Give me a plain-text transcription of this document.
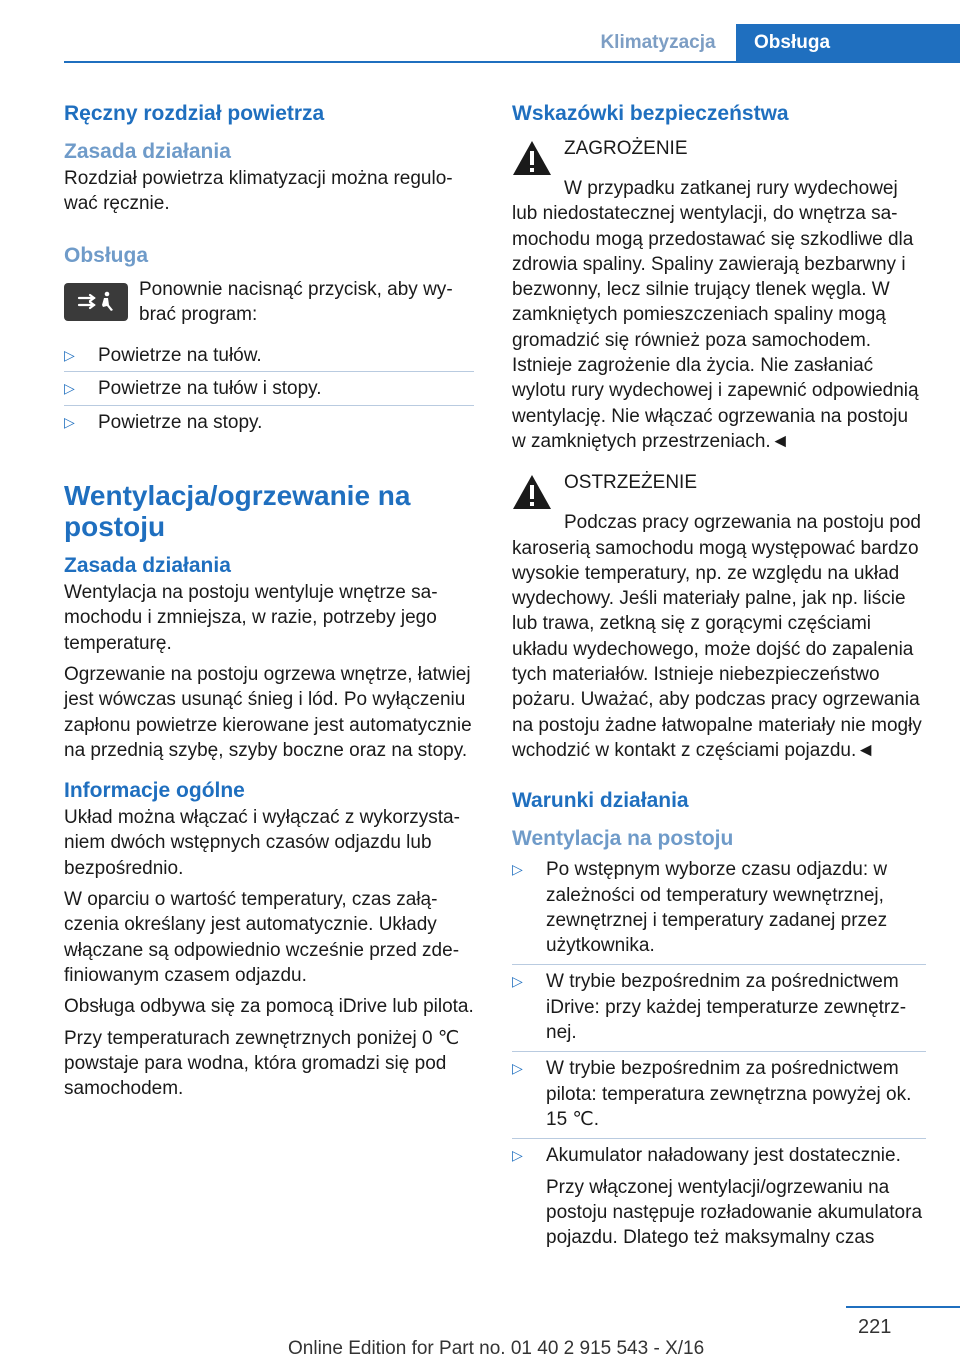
Klimatyzacja	Obsługa
Ręczny rozdział powietrza
Zasada działania

Rozdział powietrza klimatyzacji można regulować ręcznie.

Obsługa

Ponownie nacisnąć przycisk, aby wybrać program:

▷ Powietrze na tułów.
▷ Powietrze na tułów i stopy.
▷ Powietrze na stopy.
Wentylacja/ogrzewanie na postoju
Zasada działania

Wentylacja na postoju wentyluje wnętrze samochodu i zmniejsza, w razie, potrzeby jego temperaturę.

Ogrzewanie na postoju ogrzewa wnętrze, łatwiej jest wówczas usunąć śnieg i lód. Po wyłączeniu zapłonu powietrze kierowane jest automatycznie na przednią szybę, szyby boczne oraz na stopy.

Informacje ogólne

Układ można włączać i wyłączać z wykorzystaniem dwóch wstępnych czasów odjazdu lub bezpośrednio.

W oparciu o wartość temperatury, czas załączenia określany jest automatycznie. Układy włączane są odpowiednio wcześnie przed zdefiniowanym czasem odjazdu.

Obsługa odbywa się za pomocą iDrive lub pilota.

Przy temperaturach zewnętrznych poniżej 0 ℃ powstaje para wodna, która gromadzi się pod samochodem.

Wskazówki bezpieczeństwa
ZAGROŻENIE

W przypadku zatkanej rury wydechowej lub niedostatecznej wentylacji, do wnętrza samochodu mogą przedostawać się szkodliwe dla zdrowia spaliny. Spaliny zawierają bezbarwny i bezwonny, lecz silnie trujący tlenek węgla. W zamkniętych pomieszczeniach spaliny mogą gromadzić się również poza samochodem. Istnieje zagrożenie dla życia. Nie zasłaniać wylotu rury wydechowej i zapewnić odpowiednią wentylację. Nie włączać ogrzewania na postoju w zamkniętych przestrzeniach.◄

OSTRZEŻENIE

Podczas pracy ogrzewania na postoju pod karoserią samochodu mogą występować bardzo wysokie temperatury, np. ze względu na układ wydechowy. Jeśli materiały palne, jak np. liście lub trawa, zetkną się z gorącymi częściami układu wydechowego, może dojść do zapalenia tych materiałów. Istnieje niebezpieczeństwo pożaru. Uważać, aby podczas pracy ogrzewania na postoju żadne łatwopalne materiały nie mogły wchodzić w kontakt z częściami pojazdu.◄

Warunki działania
Wentylacja na postoju
▷ Po wstępnym wyborze czasu odjazdu: w zależności od temperatury wewnętrznej, zewnętrznej i temperatury zadanej przez użytkownika.
▷ W trybie bezpośrednim za pośrednictwem iDrive: przy każdej temperaturze zewnętrznej.
▷ W trybie bezpośrednim za pośrednictwem pilota: temperatura zewnętrzna powyżej ok. 15 ℃.
▷ Akumulator naładowany jest dostatecznie.

Przy włączonej wentylacji/ogrzewaniu na postoju następuje rozładowanie akumulatora pojazdu. Dlatego też maksymalny czas

221
Online Edition for Part no. 01 40 2 915 543 - X/16
